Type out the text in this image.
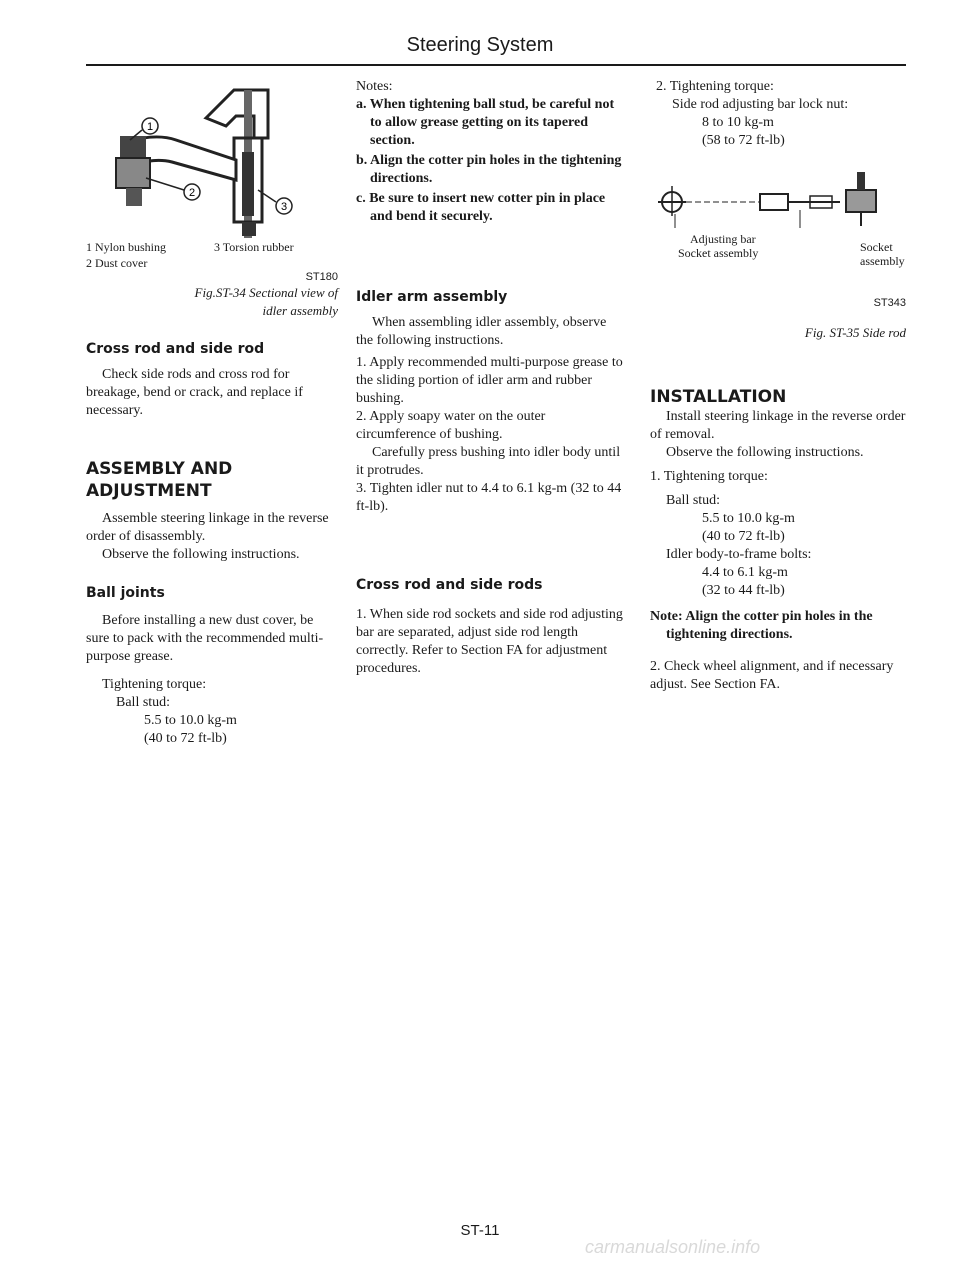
Steering System
1
2
3
1 Nylon bushing	3 Torsion rubber
2 Dust cover
ST180

Fig.ST-34 Sectional view of

idler assembly

Cross rod and side rod

Check side rods and cross rod for breakage, bend or crack, and replace if necessary.

ASSEMBLY AND

ADJUSTMENT

Assemble steering linkage in the reverse order of disassembly.

Observe the following instructions.

Ball joints

Before installing a new dust cover, be sure to pack with the recommended multi-purpose grease.

Tightening torque:

Ball stud:

5.5 to 10.0 kg-m

(40 to 72 ft-lb)

Notes:

a. When tightening ball stud, be careful not to allow grease getting on its tapered section.

b. Align the cotter pin holes in the tightening directions.

c. Be sure to insert new cotter pin in place and bend it securely.

Idler arm assembly

When assembling idler assembly, observe the following instructions.

1. Apply recommended multi-purpose grease to the sliding portion of idler arm and rubber bushing.

2. Apply soapy water on the outer circumference of bushing.

Carefully press bushing into idler body until it protrudes.

3. Tighten idler nut to 4.4 to 6.1 kg-m (32 to 44 ft-lb).

Cross rod and side rods

1. When side rod sockets and side rod adjusting bar are separated, adjust side rod length correctly. Refer to Section FA for adjustment procedures.

2. Tightening torque:

Side rod adjusting bar lock nut:

8 to 10 kg-m

(58 to 72 ft-lb)

Adjusting bar
Socket assembly	Socket
assembly

ST343

Fig. ST-35 Side rod

INSTALLATION

Install steering linkage in the reverse order of removal.

Observe the following instructions.

1. Tightening torque:

Ball stud:

5.5 to 10.0 kg-m

(40 to 72 ft-lb)

Idler body-to-frame bolts:

4.4 to 6.1 kg-m

(32 to 44 ft-lb)

Note: Align the cotter pin holes in the tightening directions.

2. Check wheel alignment, and if necessary adjust. See Section FA.

ST-11
carmanualsonline.info
